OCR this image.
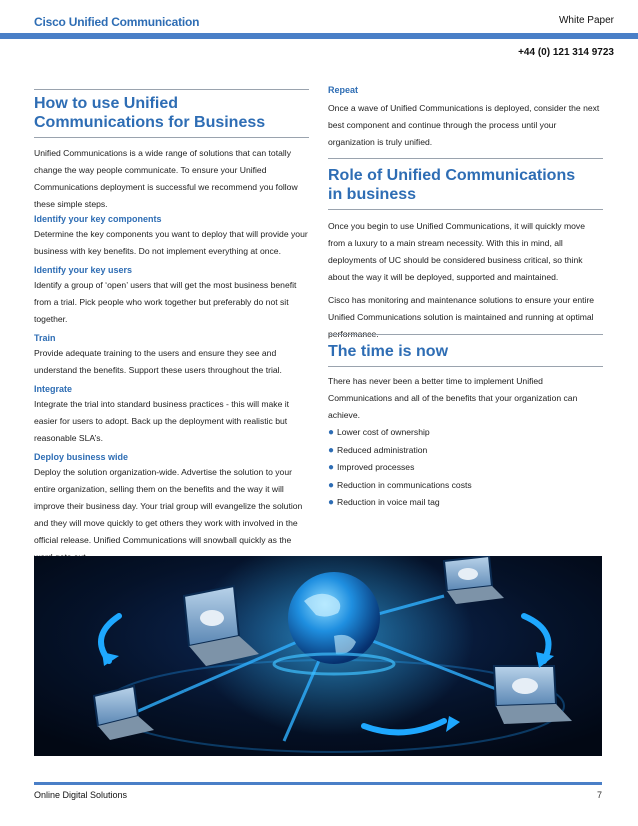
Cisco Unified Communication	White Paper
+44 (0) 121 314 9723
How to use Unified
Communications for Business

Unified Communications is a wide range of solutions that can totally change the way people communicate. To ensure your Unified Communications deployment is successful we recommend you follow these simple steps.

Identify your key components

Determine the key components you want to deploy that will provide your business with key benefits. Do not implement everything at once.

Identify your key users

Identify a group of ‘open’ users that will get the most business benefit from a trial. Pick people who work together but preferably do not sit together.

Train

Provide adequate training to the users and ensure they see and understand the benefits. Support these users throughout the trial.

Integrate

Integrate the trial into standard business practices - this will make it easier for users to adopt. Back up the deployment with realistic but reasonable SLA’s.

Deploy business wide

Deploy the solution organization-wide. Advertise the solution to your entire organization, selling them on the benefits and the way it will improve their business day. Your trial group will evangelize the solution and they will move quickly to get others they work with involved in the official release. Unified Communications will snowball quickly as the

Repeat

Once a wave of Unified Communications is deployed, consider the next best component and continue through the process until your organization is truly unified.

Role of Unified Communications
in business

Once you begin to use Unified Communications, it will quickly move from a luxury to a main stream necessity. With this in mind, all deployments of UC should be considered business critical, so think about the way it will be deployed, supported and maintained.

Cisco has monitoring and maintenance solutions to ensure your entire Unified Communications solution is maintained and running at optimal performance.

The time is now

There has never been a better time to implement Unified Communications and all of the benefits that your organization can achieve.

● Lower cost of ownership
● Reduced administration
● Improved processes
● Reduction in communications costs
● Reduction in voice mail tag
Online Digital Solutions	7
